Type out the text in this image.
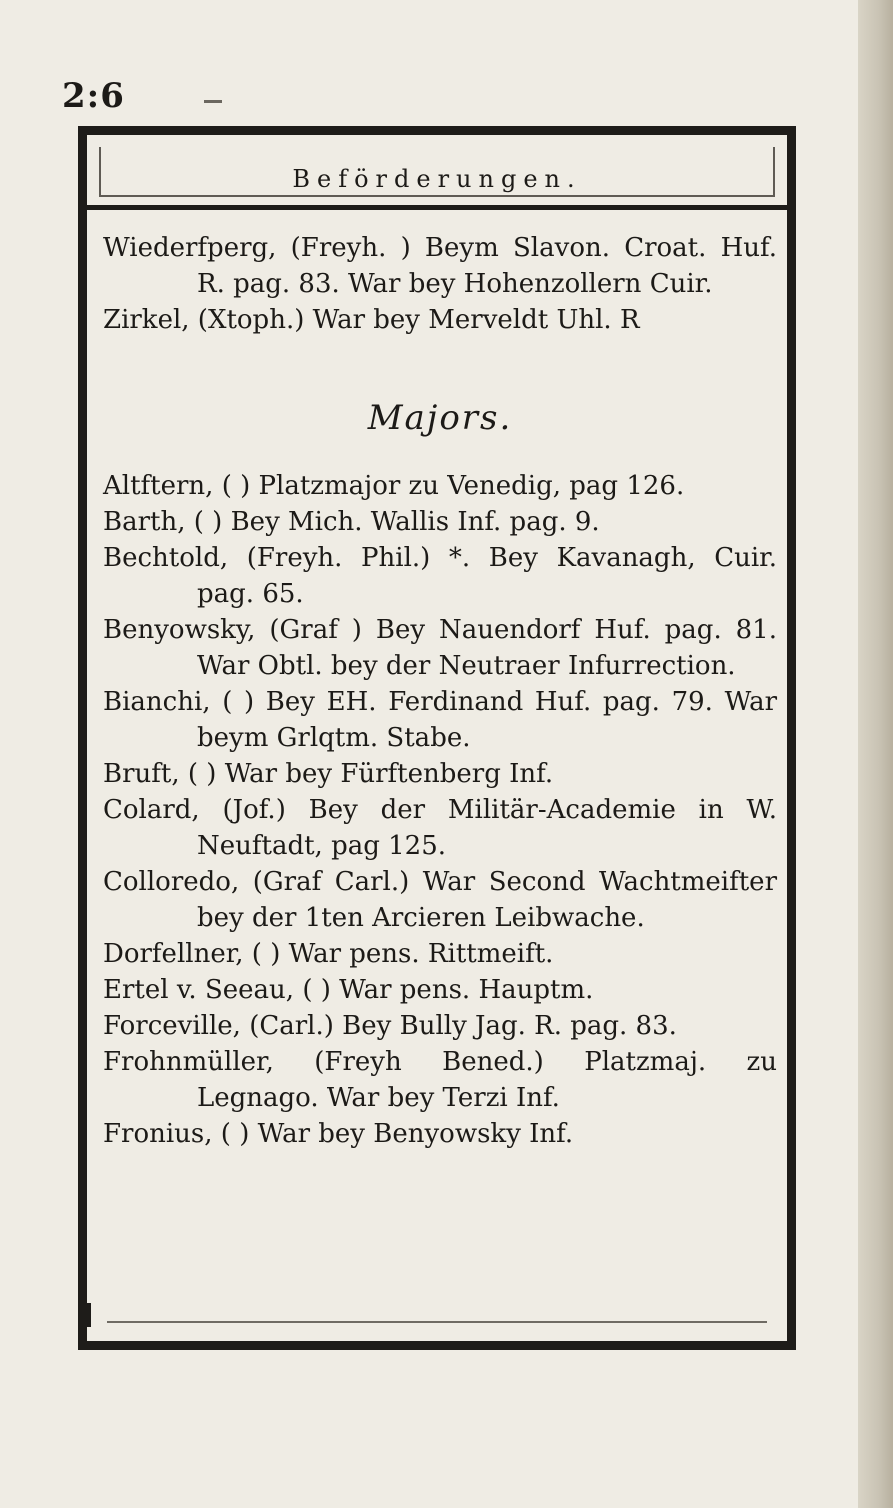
2:6
Beförderungen.
Wiederfperg, (Freyh. ) Beym Slavon. Croat. Huf. R. pag. 83. War bey Hohenzollern Cuir.
Zirkel, (Xtoph.) War bey Merveldt Uhl. R
Majors.
Altftern, ( ) Platzmajor zu Venedig, pag 126.
Barth, ( ) Bey Mich. Wallis Inf. pag. 9.
Bechtold, (Freyh. Phil.) *. Bey Kavanagh, Cuir. pag. 65.
Benyowsky, (Graf ) Bey Nauendorf Huf. pag. 81. War Obtl. bey der Neutraer Infurrection.
Bianchi, ( ) Bey EH. Ferdinand Huf. pag. 79. War beym Grlqtm. Stabe.
Bruft, ( ) War bey Fürftenberg Inf.
Colard, (Jof.) Bey der Militär-Academie in W. Neuftadt, pag 125.
Colloredo, (Graf Carl.) War Second Wachtmeifter bey der 1ten Arcieren Leibwache.
Dorfellner, ( ) War pens. Rittmeift.
Ertel v. Seeau, ( ) War pens. Hauptm.
Forceville, (Carl.) Bey Bully Jag. R. pag. 83.
Frohnmüller, (Freyh Bened.) Platzmaj. zu Legnago. War bey Terzi Inf.
Fronius, ( ) War bey Benyowsky Inf.
